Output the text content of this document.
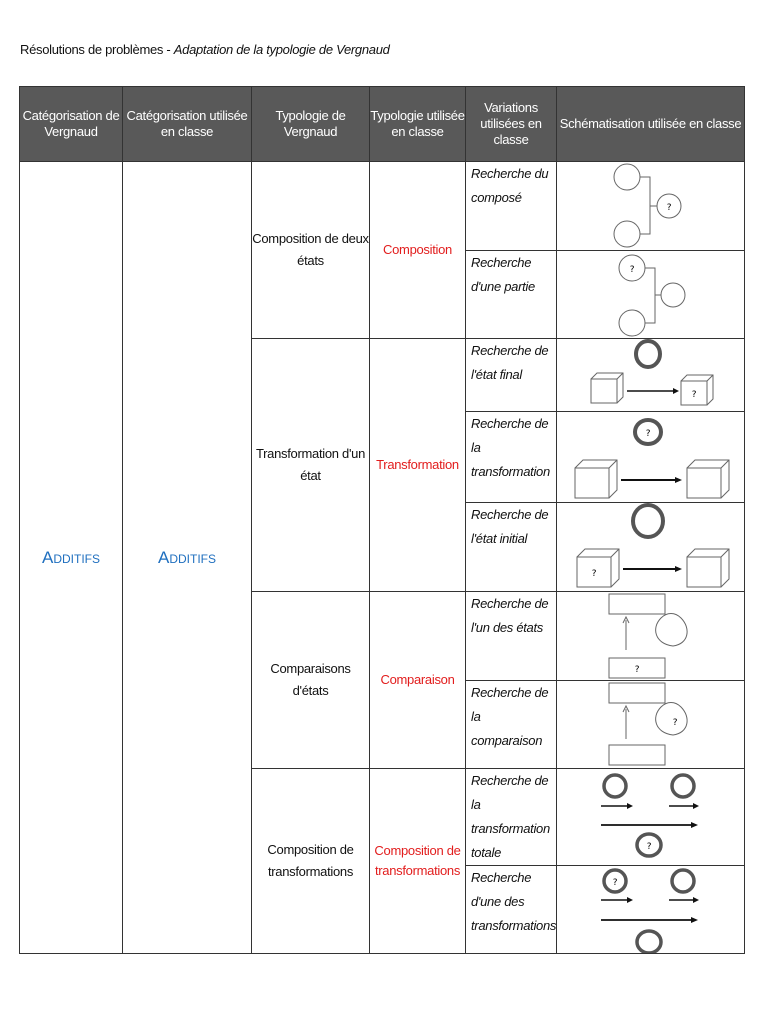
Résolutions de problèmes - Adaptation de la typologie de Vergnaud
Catégorisation de Vergnaud	Catégorisation utilisée en classe	Typologie de Vergnaud	Typologie utilisée en classe	Variations utilisées en classe	Schématisation utilisée en classe
Additifs	Additifs	Composition de deux états	Composition	Recherche du composé	?

				Recherche d'une partie	?

		Transformation d'un état	Transformation	Recherche de l'état final	?

				Recherche de la transformation	?

				Recherche de l'état initial	?

		Comparaisons d'états	Comparaison	Recherche de l'un des états	?

				Recherche de la comparaison	?

		Composition de transformations	Composition de transformations	Recherche de la transformation totale	?

				Recherche d'une des transformations	?
